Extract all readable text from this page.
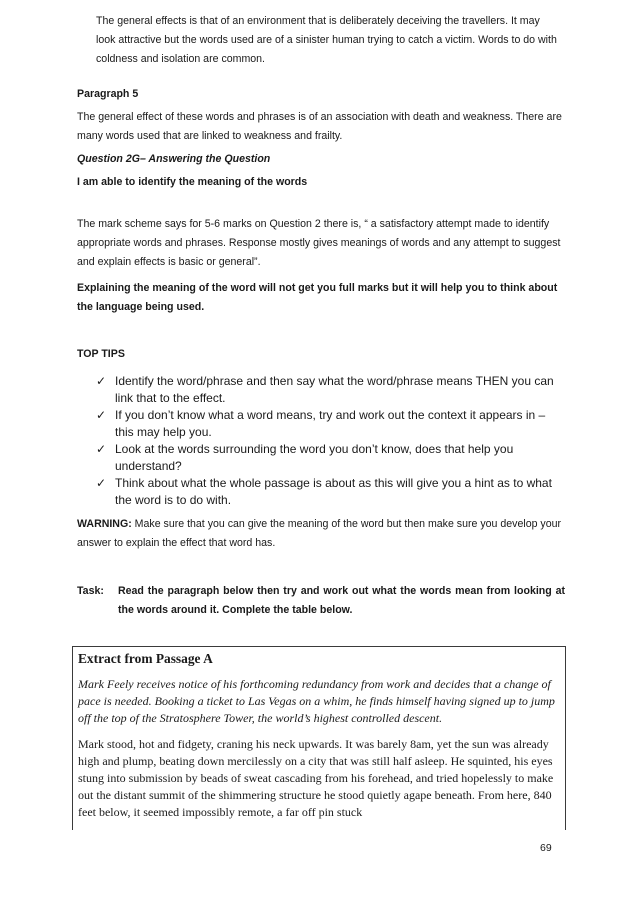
The general effects is that of an environment that is deliberately deceiving the travellers. It may look attractive but the words used are of a sinister human trying to catch a victim. Words to do with coldness and isolation are common.

Paragraph 5

The general effect of these words and phrases is of an association with death and weakness. There are many words used that are linked to weakness and frailty.

Question 2G– Answering the Question

I am able to identify the meaning of the words

The mark scheme says for 5-6 marks on Question 2 there is, “ a satisfactory attempt made to identify appropriate words and phrases. Response mostly gives meanings of words and any attempt to suggest and explain effects is basic or general”.

Explaining the meaning of the word will not get you full marks but it will help you to think about the language being used.

TOP TIPS

✓ Identify the word/phrase and then say what the word/phrase means THEN you can link that to the effect.
✓ If you don’t know what a word means, try and work out the context it appears in – this may help you.
✓ Look at the words surrounding the word you don’t know, does that help you understand?
✓ Think about what the whole passage is about as this will give you a hint as to what the word is to do with.

WARNING: Make sure that you can give the meaning of the word but then make sure you develop your answer to explain the effect that word has.

Task:	Read the paragraph below then try and work out what the words mean from looking at the words around it. Complete the table below.

Extract from Passage A

Mark Feely receives notice of his forthcoming redundancy from work and decides that a change of pace is needed. Booking a ticket to Las Vegas on a whim, he finds himself having signed up to jump off the top of the Stratosphere Tower, the world’s highest controlled descent.

Mark stood, hot and fidgety, craning his neck upwards. It was barely 8am, yet the sun was already high and plump, beating down mercilessly on a city that was still half asleep. He squinted, his eyes stung into submission by beads of sweat cascading from his forehead, and tried hopelessly to make out the distant summit of the shimmering structure he stood quietly agape beneath. From here, 840 feet below, it seemed impossibly remote, a far off pin stuck

69
